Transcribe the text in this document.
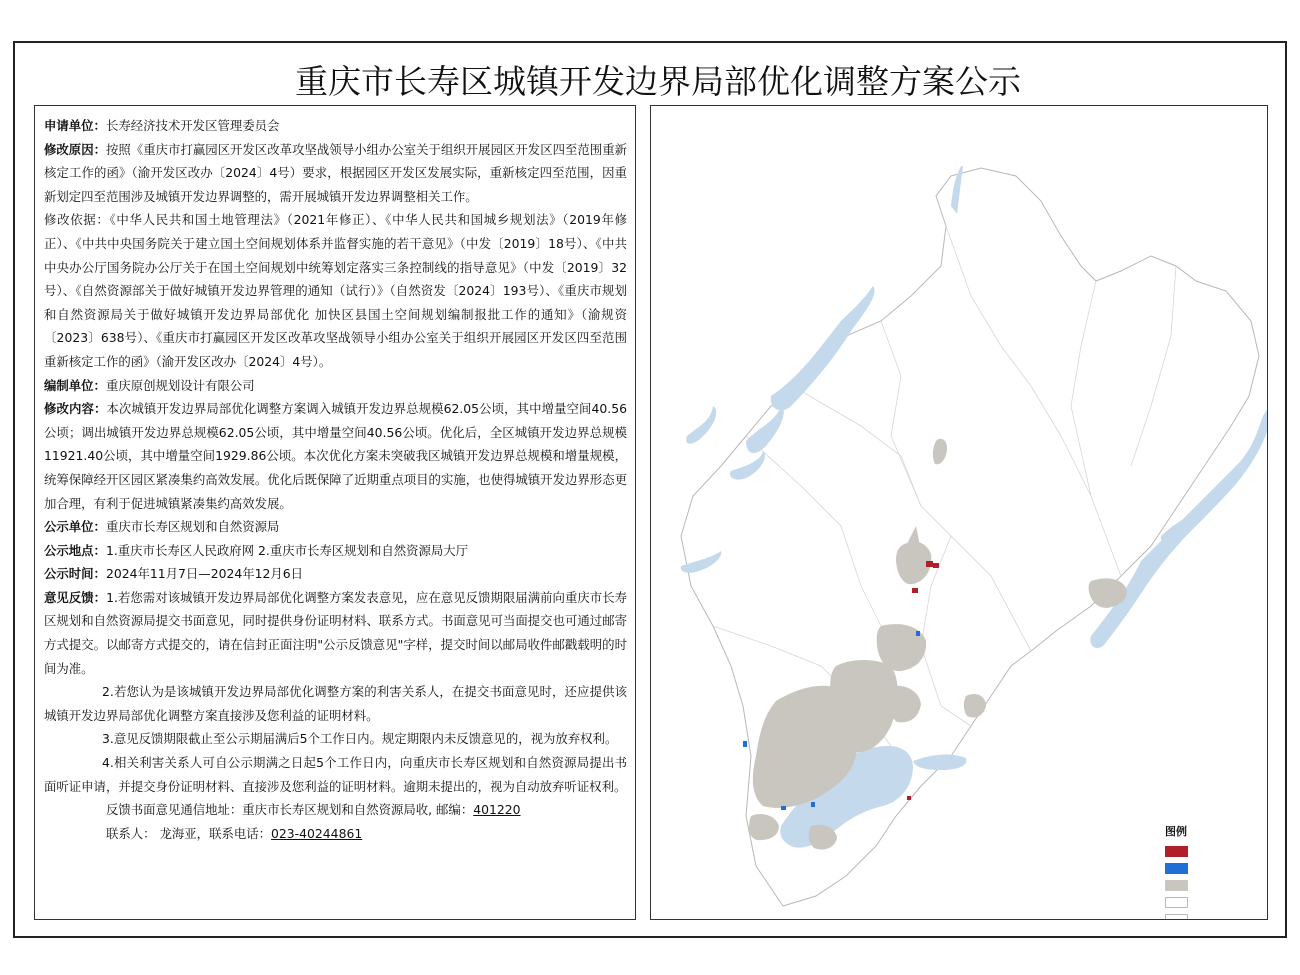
重庆市长寿区城镇开发边界局部优化调整方案公示

申请单位：长寿经济技术开发区管理委员会

修改原因：按照《重庆市打赢园区开发区改革攻坚战领导小组办公室关于组织开展园区开发区四至范围重新核定工作的函》（渝开发区改办〔2024〕4号）要求，根据园区开发区发展实际，重新核定四至范围，因重新划定四至范围涉及城镇开发边界调整的，需开展城镇开发边界调整相关工作。

修改依据：《中华人民共和国土地管理法》（2021年修正）、《中华人民共和国城乡规划法》（2019年修正）、《中共中央国务院关于建立国土空间规划体系并监督实施的若干意见》（中发〔2019〕18号）、《中共中央办公厅国务院办公厅关于在国土空间规划中统筹划定落实三条控制线的指导意见》（中发〔2019〕32号）、《自然资源部关于做好城镇开发边界管理的通知（试行）》（自然资发〔2024〕193号）、《重庆市规划和自然资源局关于做好城镇开发边界局部优化 加快区县国土空间规划编制报批工作的通知》（渝规资〔2023〕638号）、《重庆市打赢园区开发区改革攻坚战领导小组办公室关于组织开展园区开发区四至范围重新核定工作的函》（渝开发区改办〔2024〕4号）。

编制单位：重庆原创规划设计有限公司

修改内容：本次城镇开发边界局部优化调整方案调入城镇开发边界总规模62.05公顷，其中增量空间40.56公顷；调出城镇开发边界总规模62.05公顷，其中增量空间40.56公顷。优化后，全区城镇开发边界总规模11921.40公顷，其中增量空间1929.86公顷。本次优化方案未突破我区城镇开发边界总规模和增量规模，统筹保障经开区园区紧凑集约高效发展。优化后既保障了近期重点项目的实施，也使得城镇开发边界形态更加合理，有利于促进城镇紧凑集约高效发展。

公示单位：重庆市长寿区规划和自然资源局

公示地点：1.重庆市长寿区人民政府网 2.重庆市长寿区规划和自然资源局大厅

公示时间：2024年11月7日—2024年12月6日

意见反馈：1.若您需对该城镇开发边界局部优化调整方案发表意见，应在意见反馈期限届满前向重庆市长寿区规划和自然资源局提交书面意见，同时提供身份证明材料、联系方式。书面意见可当面提交也可通过邮寄方式提交。以邮寄方式提交的，请在信封正面注明"公示反馈意见"字样，提交时间以邮局收件邮戳载明的时间为准。

2.若您认为是该城镇开发边界局部优化调整方案的利害关系人，在提交书面意见时，还应提供该城镇开发边界局部优化调整方案直接涉及您利益的证明材料。

3.意见反馈期限截止至公示期届满后5个工作日内。规定期限内未反馈意见的，视为放弃权利。

4.相关利害关系人可自公示期满之日起5个工作日内，向重庆市长寿区规划和自然资源局提出书面听证申请，并提交身份证明材料、直接涉及您利益的证明材料。逾期未提出的，视为自动放弃听证权利。

反馈书面意见通信地址：重庆市长寿区规划和自然资源局收, 邮编：401220

联系人： 龙海亚，联系电话：023-40244861	图例
